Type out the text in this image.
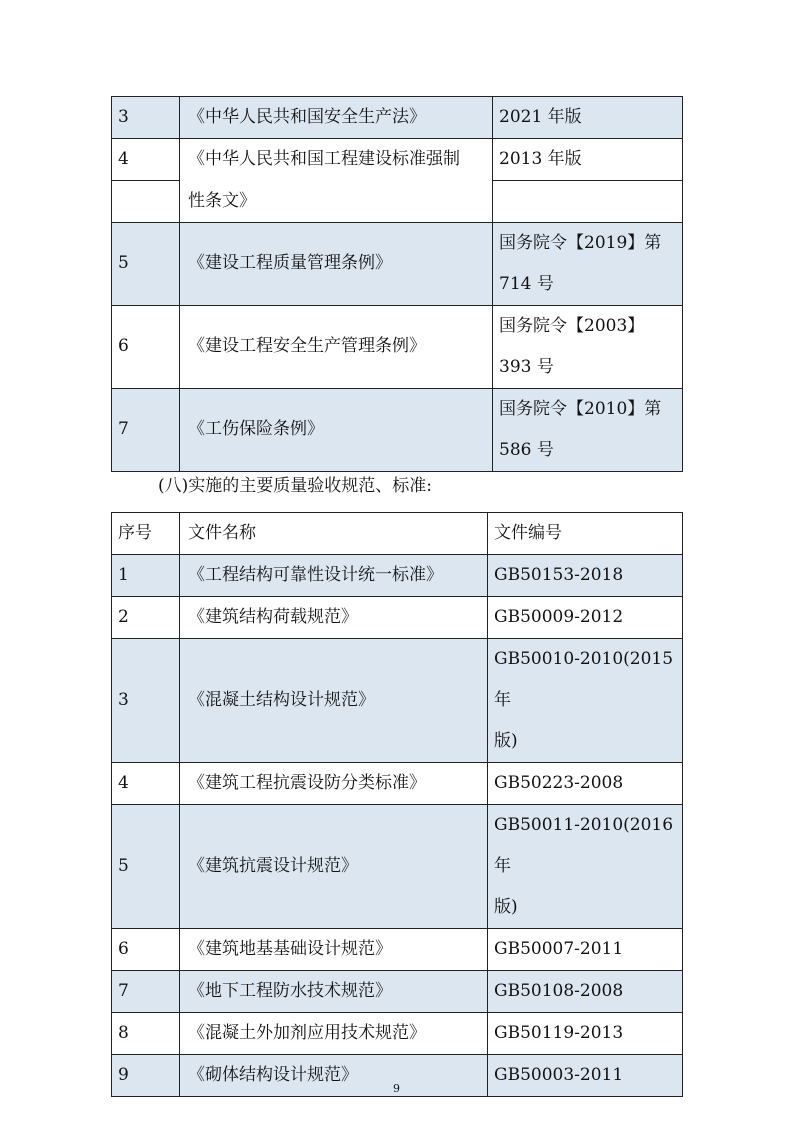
3	《中华人民共和国安全生产法》	2021 年版
4	《中华人民共和国工程建设标准强制	2013 年版
	性条文》	
5	《建设工程质量管理条例》	国务院令【2019】第
714 号

6	《建设工程安全生产管理条例》	国务院令【2003】
393 号

7	《工伤保险条例》	国务院令【2010】第
586 号
(八)实施的主要质量验收规范、标准:
序号	文件名称	文件编号
1	《工程结构可靠性设计统一标准》	GB50153-2018
2	《建筑结构荷载规范》	GB50009-2012
3	《混凝土结构设计规范》	GB50010-2010(2015 年
版)

4	《建筑工程抗震设防分类标准》	GB50223-2008
5	《建筑抗震设计规范》	GB50011-2010(2016 年
版)

6	《建筑地基基础设计规范》	GB50007-2011
7	《地下工程防水技术规范》	GB50108-2008
8	《混凝土外加剂应用技术规范》	GB50119-2013
9	《砌体结构设计规范》	GB50003-2011
9
